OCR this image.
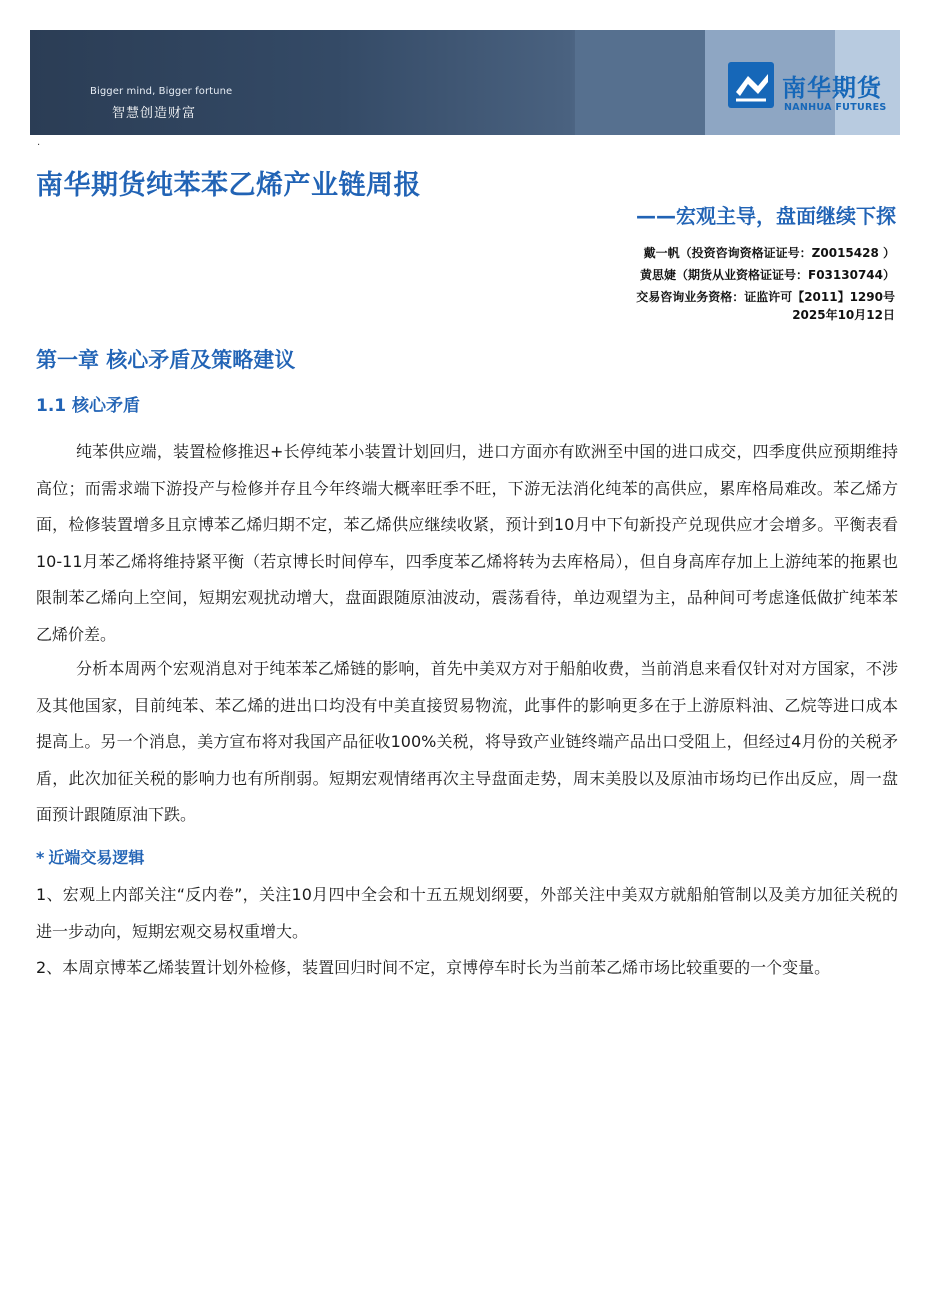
Bigger mind, Bigger fortune
智慧创造财富
南华期货
NANHUA FUTURES
.
南华期货纯苯苯乙烯产业链周报
——宏观主导，盘面继续下探
戴一帆（投资咨询资格证证号：Z0015428 ）
黄思婕（期货从业资格证证号：F03130744）
交易咨询业务资格：证监许可【2011】1290号
2025年10月12日
第一章 核心矛盾及策略建议
1.1 核心矛盾

纯苯供应端，装置检修推迟+长停纯苯小装置计划回归，进口方面亦有欧洲至中国的进口成交，四季度供应预期维持高位；而需求端下游投产与检修并存且今年终端大概率旺季不旺，下游无法消化纯苯的高供应，累库格局难改。苯乙烯方面，检修装置增多且京博苯乙烯归期不定，苯乙烯供应继续收紧，预计到10月中下旬新投产兑现供应才会增多。平衡表看10-11月苯乙烯将维持紧平衡（若京博长时间停车，四季度苯乙烯将转为去库格局），但自身高库存加上上游纯苯的拖累也限制苯乙烯向上空间，短期宏观扰动增大，盘面跟随原油波动，震荡看待，单边观望为主，品种间可考虑逢低做扩纯苯苯乙烯价差。

分析本周两个宏观消息对于纯苯苯乙烯链的影响，首先中美双方对于船舶收费，当前消息来看仅针对对方国家，不涉及其他国家，目前纯苯、苯乙烯的进出口均没有中美直接贸易物流，此事件的影响更多在于上游原料油、乙烷等进口成本提高上。另一个消息，美方宣布将对我国产品征收100%关税，将导致产业链终端产品出口受阻上，但经过4月份的关税矛盾，此次加征关税的影响力也有所削弱。短期宏观情绪再次主导盘面走势，周末美股以及原油市场均已作出反应，周一盘面预计跟随原油下跌。

* 近端交易逻辑

1、宏观上内部关注“反内卷”，关注10月四中全会和十五五规划纲要，外部关注中美双方就船舶管制以及美方加征关税的进一步动向，短期宏观交易权重增大。

2、本周京博苯乙烯装置计划外检修，装置回归时间不定，京博停车时长为当前苯乙烯市场比较重要的一个变量。
